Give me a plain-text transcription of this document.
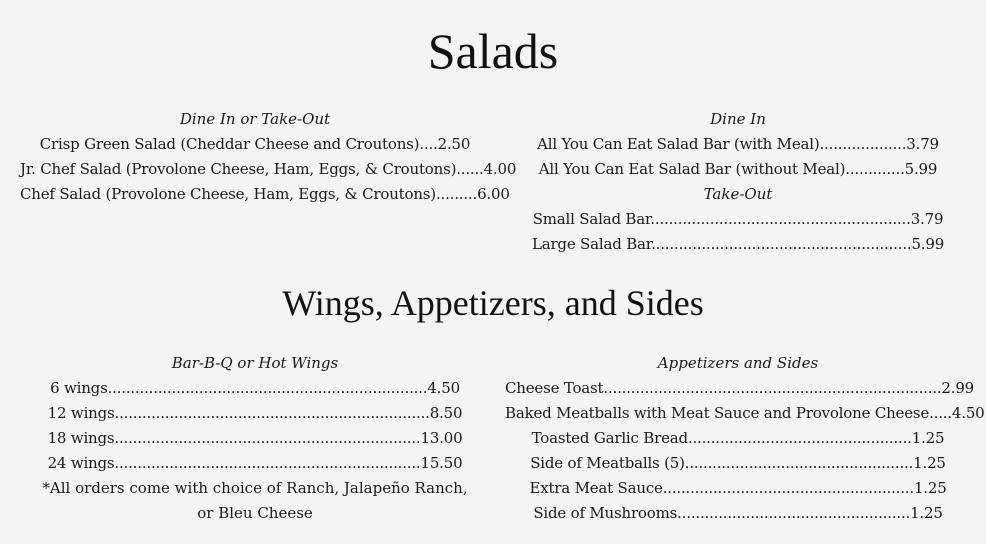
Salads
Dine In or Take-Out
Crisp Green Salad (Cheddar Cheese and Croutons)....2.50
Jr. Chef Salad (Provolone Cheese, Ham, Eggs, & Croutons)......4.00
Chef Salad (Provolone Cheese, Ham, Eggs, & Croutons).........6.00
Dine In
All You Can Eat Salad Bar (with Meal)...................3.79
All You Can Eat Salad Bar (without Meal).............5.99
Take-Out
Small Salad Bar.........................................................3.79
Large Salad Bar.........................................................5.99
Wings, Appetizers, and Sides
Bar-B-Q or Hot Wings
6 wings......................................................................4.50
12 wings.....................................................................8.50
18 wings...................................................................13.00
24 wings...................................................................15.50
*All orders come with choice of Ranch, Jalapeño Ranch, or Bleu Cheese
Appetizers and Sides
Cheese Toast..........................................................................2.99
Baked Meatballs with Meat Sauce and Provolone Cheese.....4.50
Toasted Garlic Bread.................................................1.25
Side of Meatballs (5)..................................................1.25
Extra Meat Sauce.......................................................1.25
Side of Mushrooms...................................................1.25
